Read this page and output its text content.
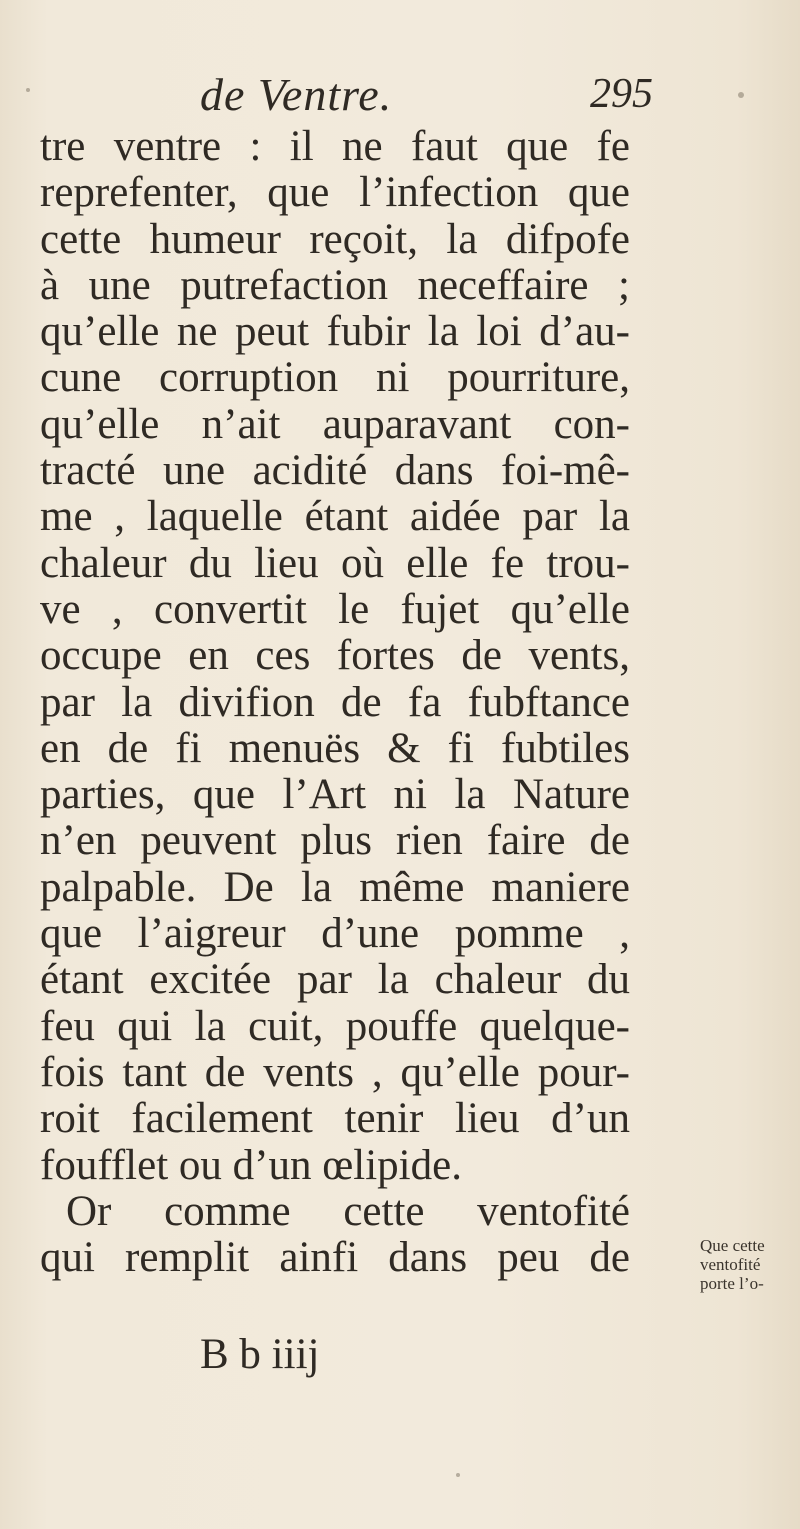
de Ventre.	295
tre ventre : il ne faut que fe
reprefenter, que l’infection que
cette humeur reçoit, la difpofe
à une putrefaction neceffaire ;
qu’elle ne peut fubir la loi d’au-
cune corruption ni pourriture,
qu’elle n’ait auparavant con-
tracté une acidité dans foi-mê-
me , laquelle étant aidée par la
chaleur du lieu où elle fe trou-
ve , convertit le fujet qu’elle
occupe en ces fortes de vents,
par la divifion de fa fubftance
en de fi menuës & fi fubtiles
parties, que l’Art ni la Nature
n’en peuvent plus rien faire de
palpable. De la même maniere
que l’aigreur d’une pomme ,
étant excitée par la chaleur du
feu qui la cuit, pouffe quelque-
fois tant de vents , qu’elle pour-
roit facilement tenir lieu d’un
foufflet ou d’un œlipide.
Or comme cette ventofité
qui remplit ainfi dans peu de
B b iiij
Que cette
ventofité
porte l’o-
